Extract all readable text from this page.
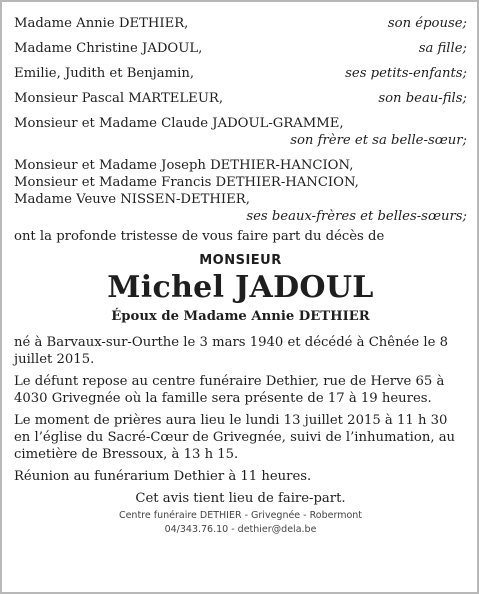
Madame Annie DETHIER,	son épouse;
Madame Christine JADOUL,	sa fille;
Emilie, Judith et Benjamin,	ses petits-enfants;
Monsieur Pascal MARTELEUR,	son beau-fils;
Monsieur et Madame Claude JADOUL-GRAMME,
son frère et sa belle-sœur;
Monsieur et Madame Joseph DETHIER-HANCION,
Monsieur et Madame Francis DETHIER-HANCION,
Madame Veuve NISSEN-DETHIER,
ses beaux-frères et belles-sœurs;
ont la profonde tristesse de vous faire part du décès de
MONSIEUR
Michel JADOUL
Époux de Madame Annie DETHIER
né à Barvaux-sur-Ourthe le 3 mars 1940 et décédé à Chênée le 8 juillet 2015.
Le défunt repose au centre funéraire Dethier, rue de Herve 65 à 4030 Grivegnée où la famille sera présente de 17 à 19 heures.
Le moment de prières aura lieu le lundi 13 juillet 2015 à 11 h 30 en l’église du Sacré-Cœur de Grivegnée, suivi de l’inhumation, au cimetière de Bressoux, à 13 h 15.
Réunion au funérarium Dethier à 11 heures.
Cet avis tient lieu de faire-part.
Centre funéraire DETHIER - Grivegnée - Robermont
04/343.76.10 - dethier@dela.be
